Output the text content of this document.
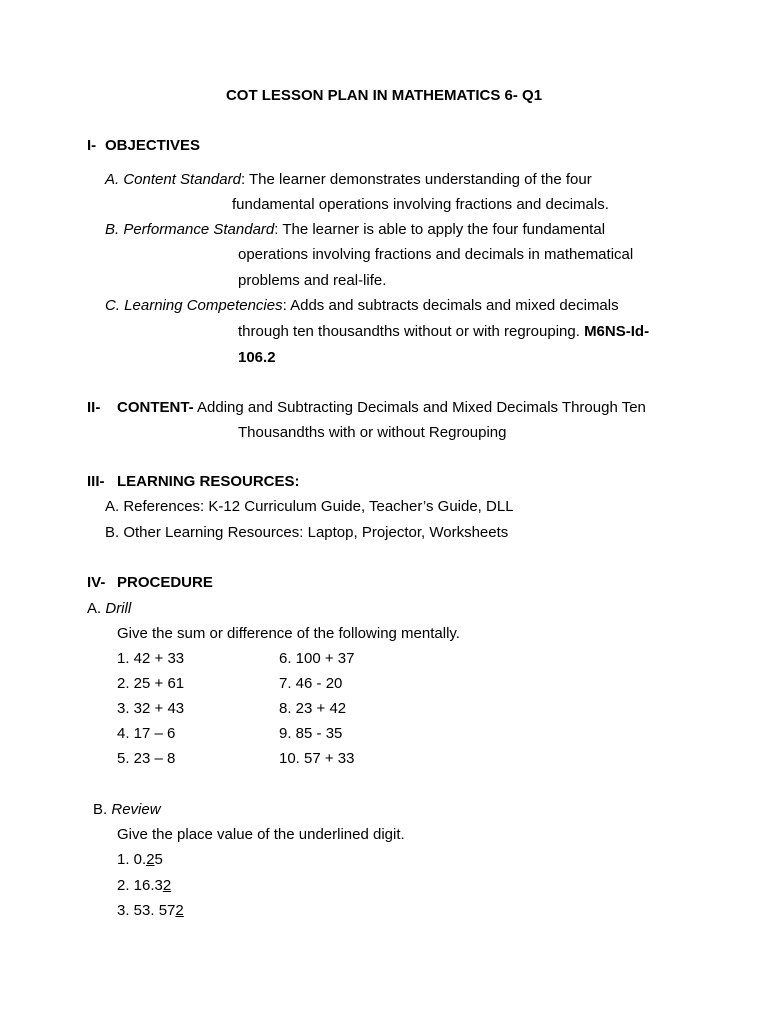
COT LESSON PLAN IN MATHEMATICS 6- Q1
I- OBJECTIVES
A. Content Standard: The learner demonstrates understanding of the four
fundamental operations involving fractions and decimals.
B. Performance Standard: The learner is able to apply the four fundamental
operations involving fractions and decimals in mathematical
problems and real-life.
C. Learning Competencies: Adds and subtracts decimals and mixed decimals
through ten thousandths without or with regrouping. M6NS-Id-
106.2
II- CONTENT- Adding and Subtracting Decimals and Mixed Decimals Through Ten
Thousandths with or without Regrouping
III- LEARNING RESOURCES:
A. References: K-12 Curriculum Guide, Teacher’s Guide, DLL
B. Other Learning Resources: Laptop, Projector, Worksheets
IV- PROCEDURE
A. Drill
Give the sum or difference of the following mentally.
1. 42 + 33
2. 25 + 61
3. 32 + 43
4. 17 – 6
5. 23 – 8
6. 100 + 37
7. 46 - 20
8. 23 + 42
9. 85 - 35
10. 57 + 33
B. Review
Give the place value of the underlined digit.
1. 0.25
2. 16.32
3. 53. 572
